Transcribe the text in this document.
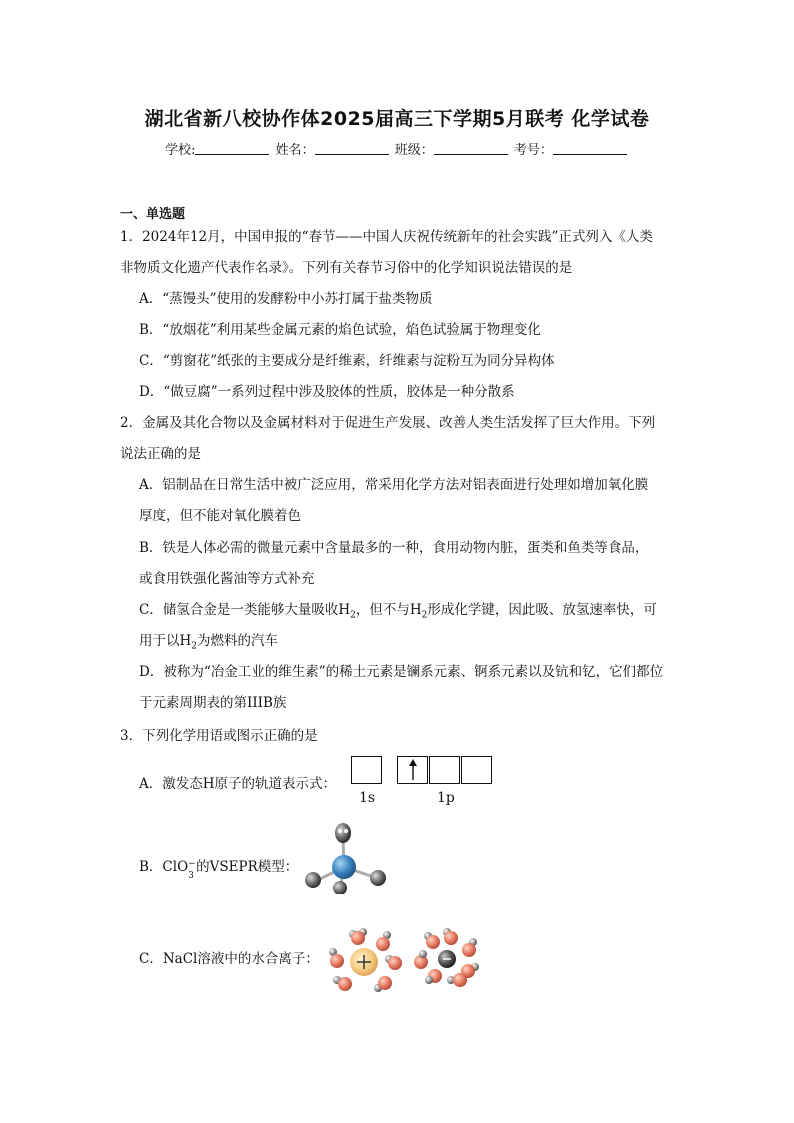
湖北省新八校协作体2025届高三下学期5月联考 化学试卷
学校:	姓名：	班级：	考号：
一、单选题
1．2024年12月，中国申报的“春节——中国人庆祝传统新年的社会实践”正式列入《人类
非物质文化遗产代表作名录》。下列有关春节习俗中的化学知识说法错误的是
A．“蒸馒头”使用的发酵粉中小苏打属于盐类物质
B．“放烟花”利用某些金属元素的焰色试验，焰色试验属于物理变化
C．“剪窗花”纸张的主要成分是纤维素，纤维素与淀粉互为同分异构体
D．“做豆腐”一系列过程中涉及胶体的性质，胶体是一种分散系
2．金属及其化合物以及金属材料对于促进生产发展、改善人类生活发挥了巨大作用。下列
说法正确的是
A．铝制品在日常生活中被广泛应用，常采用化学方法对铝表面进行处理如增加氧化膜
厚度，但不能对氧化膜着色
B．铁是人体必需的微量元素中含量最多的一种，食用动物内脏，蛋类和鱼类等食品，
或食用铁强化酱油等方式补充
C．储氢合金是一类能够大量吸收$H_2$，但不与$H_2$形成化学键，因此吸、放氢速率快，可
用于以$H_2$为燃料的汽车
D．被称为“冶金工业的维生素”的稀土元素是镧系元素、锕系元素以及钪和钇，它们都位
于元素周期表的第IIIB族
3．下列化学用语或图示正确的是
A．激发态H原子的轨道表示式：
1s	1p
B．ClO −
3
的VSEPR模型：
C．NaCl溶液中的水合离子：
